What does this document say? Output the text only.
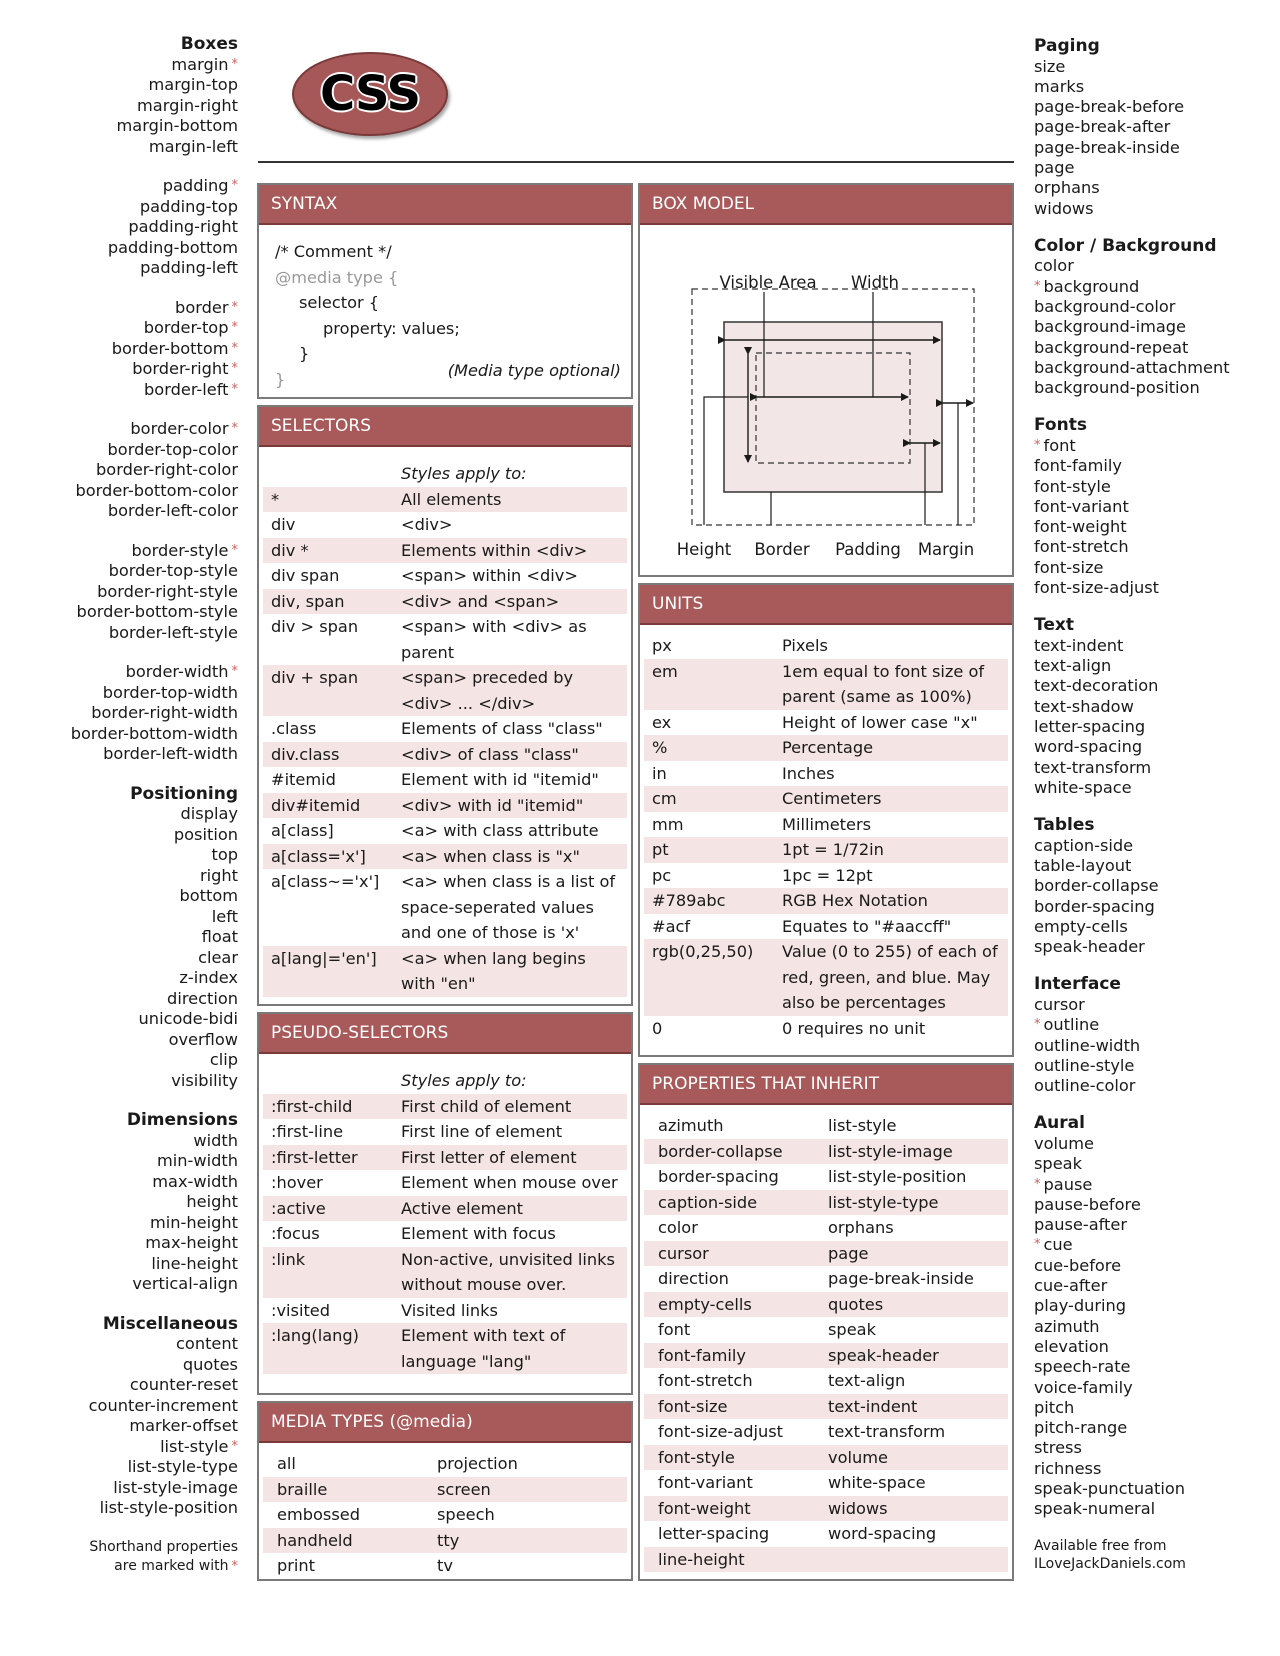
Boxes
margin *
margin-top
margin-right
margin-bottom
margin-left
padding *
padding-top
padding-right
padding-bottom
padding-left
border *
border-top *
border-bottom *
border-right *
border-left *
border-color *
border-top-color
border-right-color
border-bottom-color
border-left-color
border-style *
border-top-style
border-right-style
border-bottom-style
border-left-style
border-width *
border-top-width
border-right-width
border-bottom-width
border-left-width
Positioning
display
position
top
right
bottom
left
float
clear
z-index
direction
unicode-bidi
overflow
clip
visibility
Dimensions
width
min-width
max-width
height
min-height
max-height
line-height
vertical-align
Miscellaneous
content
quotes
counter-reset
counter-increment
marker-offset
list-style *
list-style-type
list-style-image
list-style-position
Shorthand properties
are marked with *
Paging
size
marks
page-break-before
page-break-after
page-break-inside
page
orphans
widows
Color / Background
color
* background
background-color
background-image
background-repeat
background-attachment
background-position
Fonts
* font
font-family
font-style
font-variant
font-weight
font-stretch
font-size
font-size-adjust
Text
text-indent
text-align
text-decoration
text-shadow
letter-spacing
word-spacing
text-transform
white-space
Tables
caption-side
table-layout
border-collapse
border-spacing
empty-cells
speak-header
Interface
cursor
* outline
outline-width
outline-style
outline-color
Aural
volume
speak
* pause
pause-before
pause-after
* cue
cue-before
cue-after
play-during
azimuth
elevation
speech-rate
voice-family
pitch
pitch-range
stress
richness
speak-punctuation
speak-numeral
Available free from
ILoveJackDaniels.com
CSS
SYNTAX
/* Comment */
@media type {
selector {
property: values;
}
}	(Media type optional)
SELECTORS
Styles apply to:
*	All elements
div	<div>
div *	Elements within <div>
div span	<span> within <div>
div, span	<div> and <span>
div > span	<span> with <div> as parent
div + span	<span> preceded by <div> ... </div>
.class	Elements of class "class"
div.class	<div> of class "class"
#itemid	Element with id "itemid"
div#itemid	<div> with id "itemid"
a[class]	<a> with class attribute
a[class='x']	<a> when class is "x"
a[class~='x']	<a> when class is a list of space-seperated values and one of those is 'x'
a[lang|='en']	<a> when lang begins with "en"
PSEUDO-SELECTORS
Styles apply to:
:first-child	First child of element
:first-line	First line of element
:first-letter	First letter of element
:hover	Element when mouse over
:active	Active element
:focus	Element with focus
:link	Non-active, unvisited links without mouse over.
:visited	Visited links
:lang(lang)	Element with text of language "lang"
MEDIA TYPES (@media)
all	projection
braille	screen
embossed	speech
handheld	tty
print	tv
BOX MODEL
Visible Area Width
Height Border Padding Margin
UNITS
px	Pixels
em	1em equal to font size of parent (same as 100%)
ex	Height of lower case "x"
%	Percentage
in	Inches
cm	Centimeters
mm	Millimeters
pt	1pt = 1/72in
pc	1pc = 12pt
#789abc	RGB Hex Notation
#acf	Equates to "#aaccff"
rgb(0,25,50)	Value (0 to 255) of each of red, green, and blue. May also be percentages
0	0 requires no unit
PROPERTIES THAT INHERIT
azimuth	list-style
border-collapse	list-style-image
border-spacing	list-style-position
caption-side	list-style-type
color	orphans
cursor	page
direction	page-break-inside
empty-cells	quotes
font	speak
font-family	speak-header
font-stretch	text-align
font-size	text-indent
font-size-adjust	text-transform
font-style	volume
font-variant	white-space
font-weight	widows
letter-spacing	word-spacing
line-height
